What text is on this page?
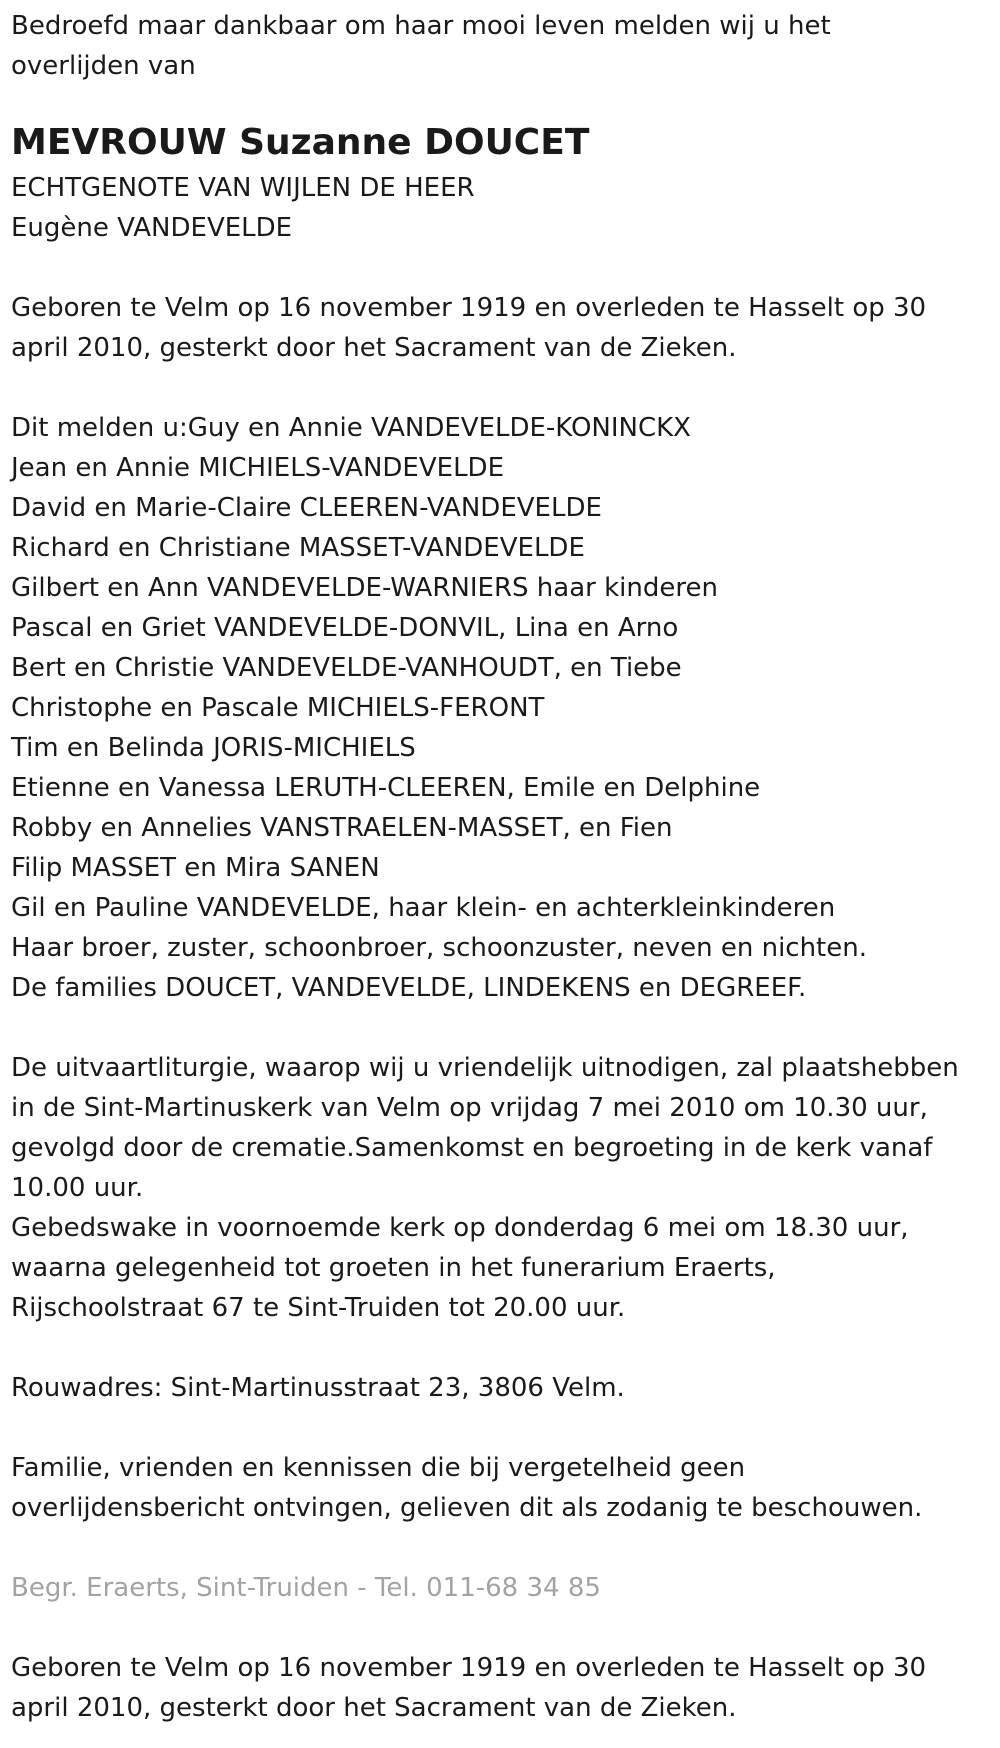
Bedroefd maar dankbaar om haar mooi leven melden wij u het

overlijden van

MEVROUW Suzanne DOUCET

ECHTGENOTE VAN WIJLEN DE HEER

Eugène VANDEVELDE

Geboren te Velm op 16 november 1919 en overleden te Hasselt op 30

april 2010, gesterkt door het Sacrament van de Zieken.

Dit melden u:Guy en Annie VANDEVELDE-KONINCKX

Jean en Annie MICHIELS-VANDEVELDE

David en Marie-Claire CLEEREN-VANDEVELDE

Richard en Christiane MASSET-VANDEVELDE

Gilbert en Ann VANDEVELDE-WARNIERS haar kinderen

Pascal en Griet VANDEVELDE-DONVIL, Lina en Arno

Bert en Christie VANDEVELDE-VANHOUDT, en Tiebe

Christophe en Pascale MICHIELS-FERONT

Tim en Belinda JORIS-MICHIELS

Etienne en Vanessa LERUTH-CLEEREN, Emile en Delphine

Robby en Annelies VANSTRAELEN-MASSET, en Fien

Filip MASSET en Mira SANEN

Gil en Pauline VANDEVELDE, haar klein- en achterkleinkinderen

Haar broer, zuster, schoonbroer, schoonzuster, neven en nichten.

De families DOUCET, VANDEVELDE, LINDEKENS en DEGREEF.

De uitvaartliturgie, waarop wij u vriendelijk uitnodigen, zal plaatshebben

in de Sint-Martinuskerk van Velm op vrijdag 7 mei 2010 om 10.30 uur,

gevolgd door de crematie.Samenkomst en begroeting in de kerk vanaf

10.00 uur.

Gebedswake in voornoemde kerk op donderdag 6 mei om 18.30 uur,

waarna gelegenheid tot groeten in het funerarium Eraerts,

Rijschoolstraat 67 te Sint-Truiden tot 20.00 uur.

Rouwadres: Sint-Martinusstraat 23, 3806 Velm.

Familie, vrienden en kennissen die bij vergetelheid geen

overlijdensbericht ontvingen, gelieven dit als zodanig te beschouwen.

Begr. Eraerts, Sint-Truiden - Tel. 011-68 34 85

Geboren te Velm op 16 november 1919 en overleden te Hasselt op 30

april 2010, gesterkt door het Sacrament van de Zieken.
